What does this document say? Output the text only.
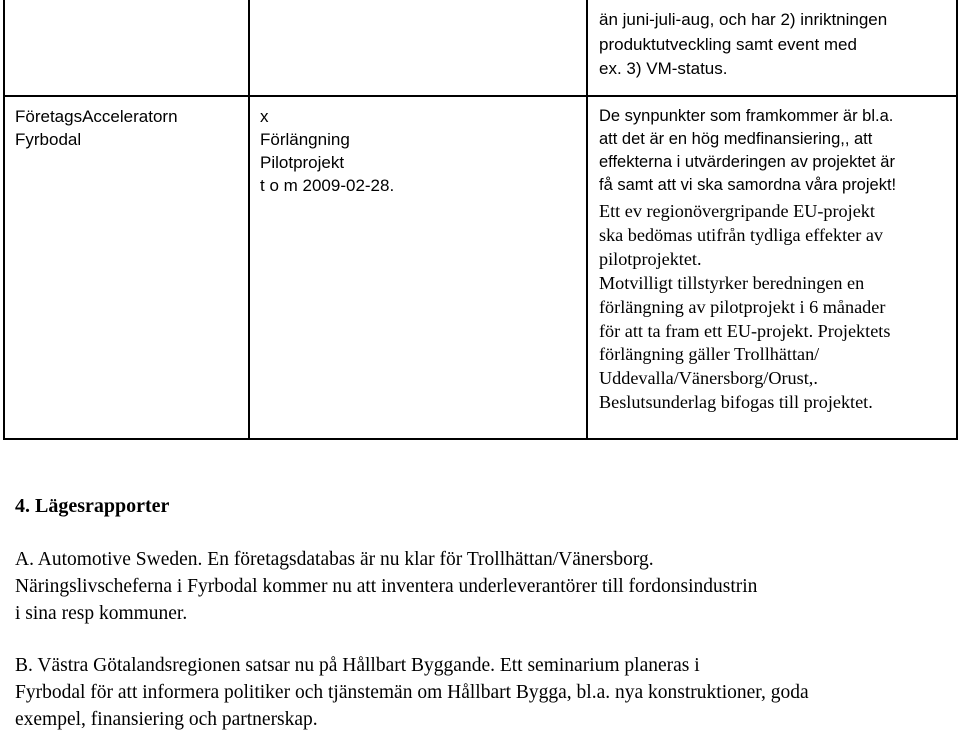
än juni-juli-aug, och har 2) inriktningen
produktutveckling samt event med
ex. 3) VM-status.
FöretagsAcceleratorn
Fyrbodal
x
Förlängning
Pilotprojekt
t o m 2009-02-28.
De synpunkter som framkommer är bl.a.
att det är en hög medfinansiering,, att
effekterna i utvärderingen av projektet är
få samt att vi ska samordna våra projekt!
Ett ev regionövergripande EU-projekt
ska bedömas utifrån tydliga effekter av
pilotprojektet.
Motvilligt tillstyrker beredningen en
förlängning av pilotprojekt i 6 månader
för att ta fram ett EU-projekt. Projektets
förlängning gäller Trollhättan/
Uddevalla/Vänersborg/Orust,.
Beslutsunderlag bifogas till projektet.
4. Lägesrapporter
A. Automotive Sweden. En företagsdatabas är nu klar för Trollhättan/Vänersborg.
Näringslivscheferna i Fyrbodal kommer nu att inventera underleverantörer till fordonsindustrin
i sina resp kommuner.
B. Västra Götalandsregionen satsar nu på Hållbart Byggande. Ett seminarium planeras i
Fyrbodal för att informera politiker och tjänstemän om Hållbart Bygga, bl.a. nya konstruktioner, goda
exempel, finansiering och partnerskap.
